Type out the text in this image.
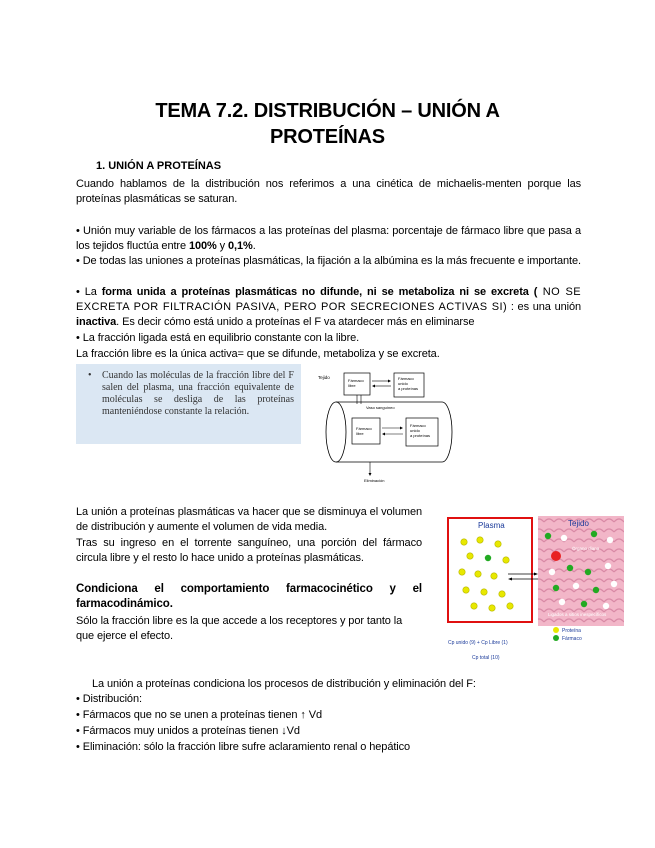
TEMA 7.2. DISTRIBUCIÓN – UNIÓN A
PROTEÍNAS
1. UNIÓN A PROTEÍNAS
Cuando hablamos de la distribución nos referimos a una cinética de michaelis-menten porque las proteínas plasmáticas se saturan.
• Unión muy variable de los fármacos a las proteínas del plasma: porcentaje de fármaco libre que pasa a los tejidos fluctúa entre 100% y 0,1%.
• De todas las uniones a proteínas plasmáticas, la fijación a la albúmina es la más frecuente e importante.
• La forma unida a proteínas plasmáticas no difunde, ni se metaboliza ni se excreta ( NO SE EXCRETA POR FILTRACIÓN PASIVA, PERO POR SECRECIONES ACTIVAS SI) : es una unión inactiva. Es decir cómo está unido a proteínas el F va atardecer más en eliminarse
• La fracción ligada está en equilibrio constante con la libre.
La fracción libre es la única activa= que se difunde, metaboliza y se excreta.
•	Cuando las moléculas de la fracción libre del F salen del plasma, una fracción equivalente de moléculas se desliga de las proteínas manteniéndose constante la relación.
Tejido
Fármaco libre
Fármaco unido a proteínas
Vaso sanguíneo
Fármaco libre
Fármaco unido a proteínas
Eliminación
La unión a proteínas plasmáticas va hacer que se disminuya el volumen de distribución y aumente el volumen de vida media.
Tras su ingreso en el torrente sanguíneo, una porción del fármaco circula libre y el resto lo hace unido a proteínas plasmáticas.
Condiciona el comportamiento farmacocinético y el farmacodinámico.
Sólo la fracción libre es la que accede a los receptores y por tanto la que ejerce el efecto.
Plasma	Tejido
Órgano diana
Ligados a sitios inespecíficos
Proteína
Fármaco
Cp unido (9) + Cp Libre (1)
Cp total (10)
La unión a proteínas condiciona los procesos de distribución y eliminación del F:
• Distribución:
• Fármacos que no se unen a proteínas tienen ↑ Vd
• Fármacos muy unidos a proteínas tienen ↓Vd
• Eliminación: sólo la fracción libre sufre aclaramiento renal o hepático
